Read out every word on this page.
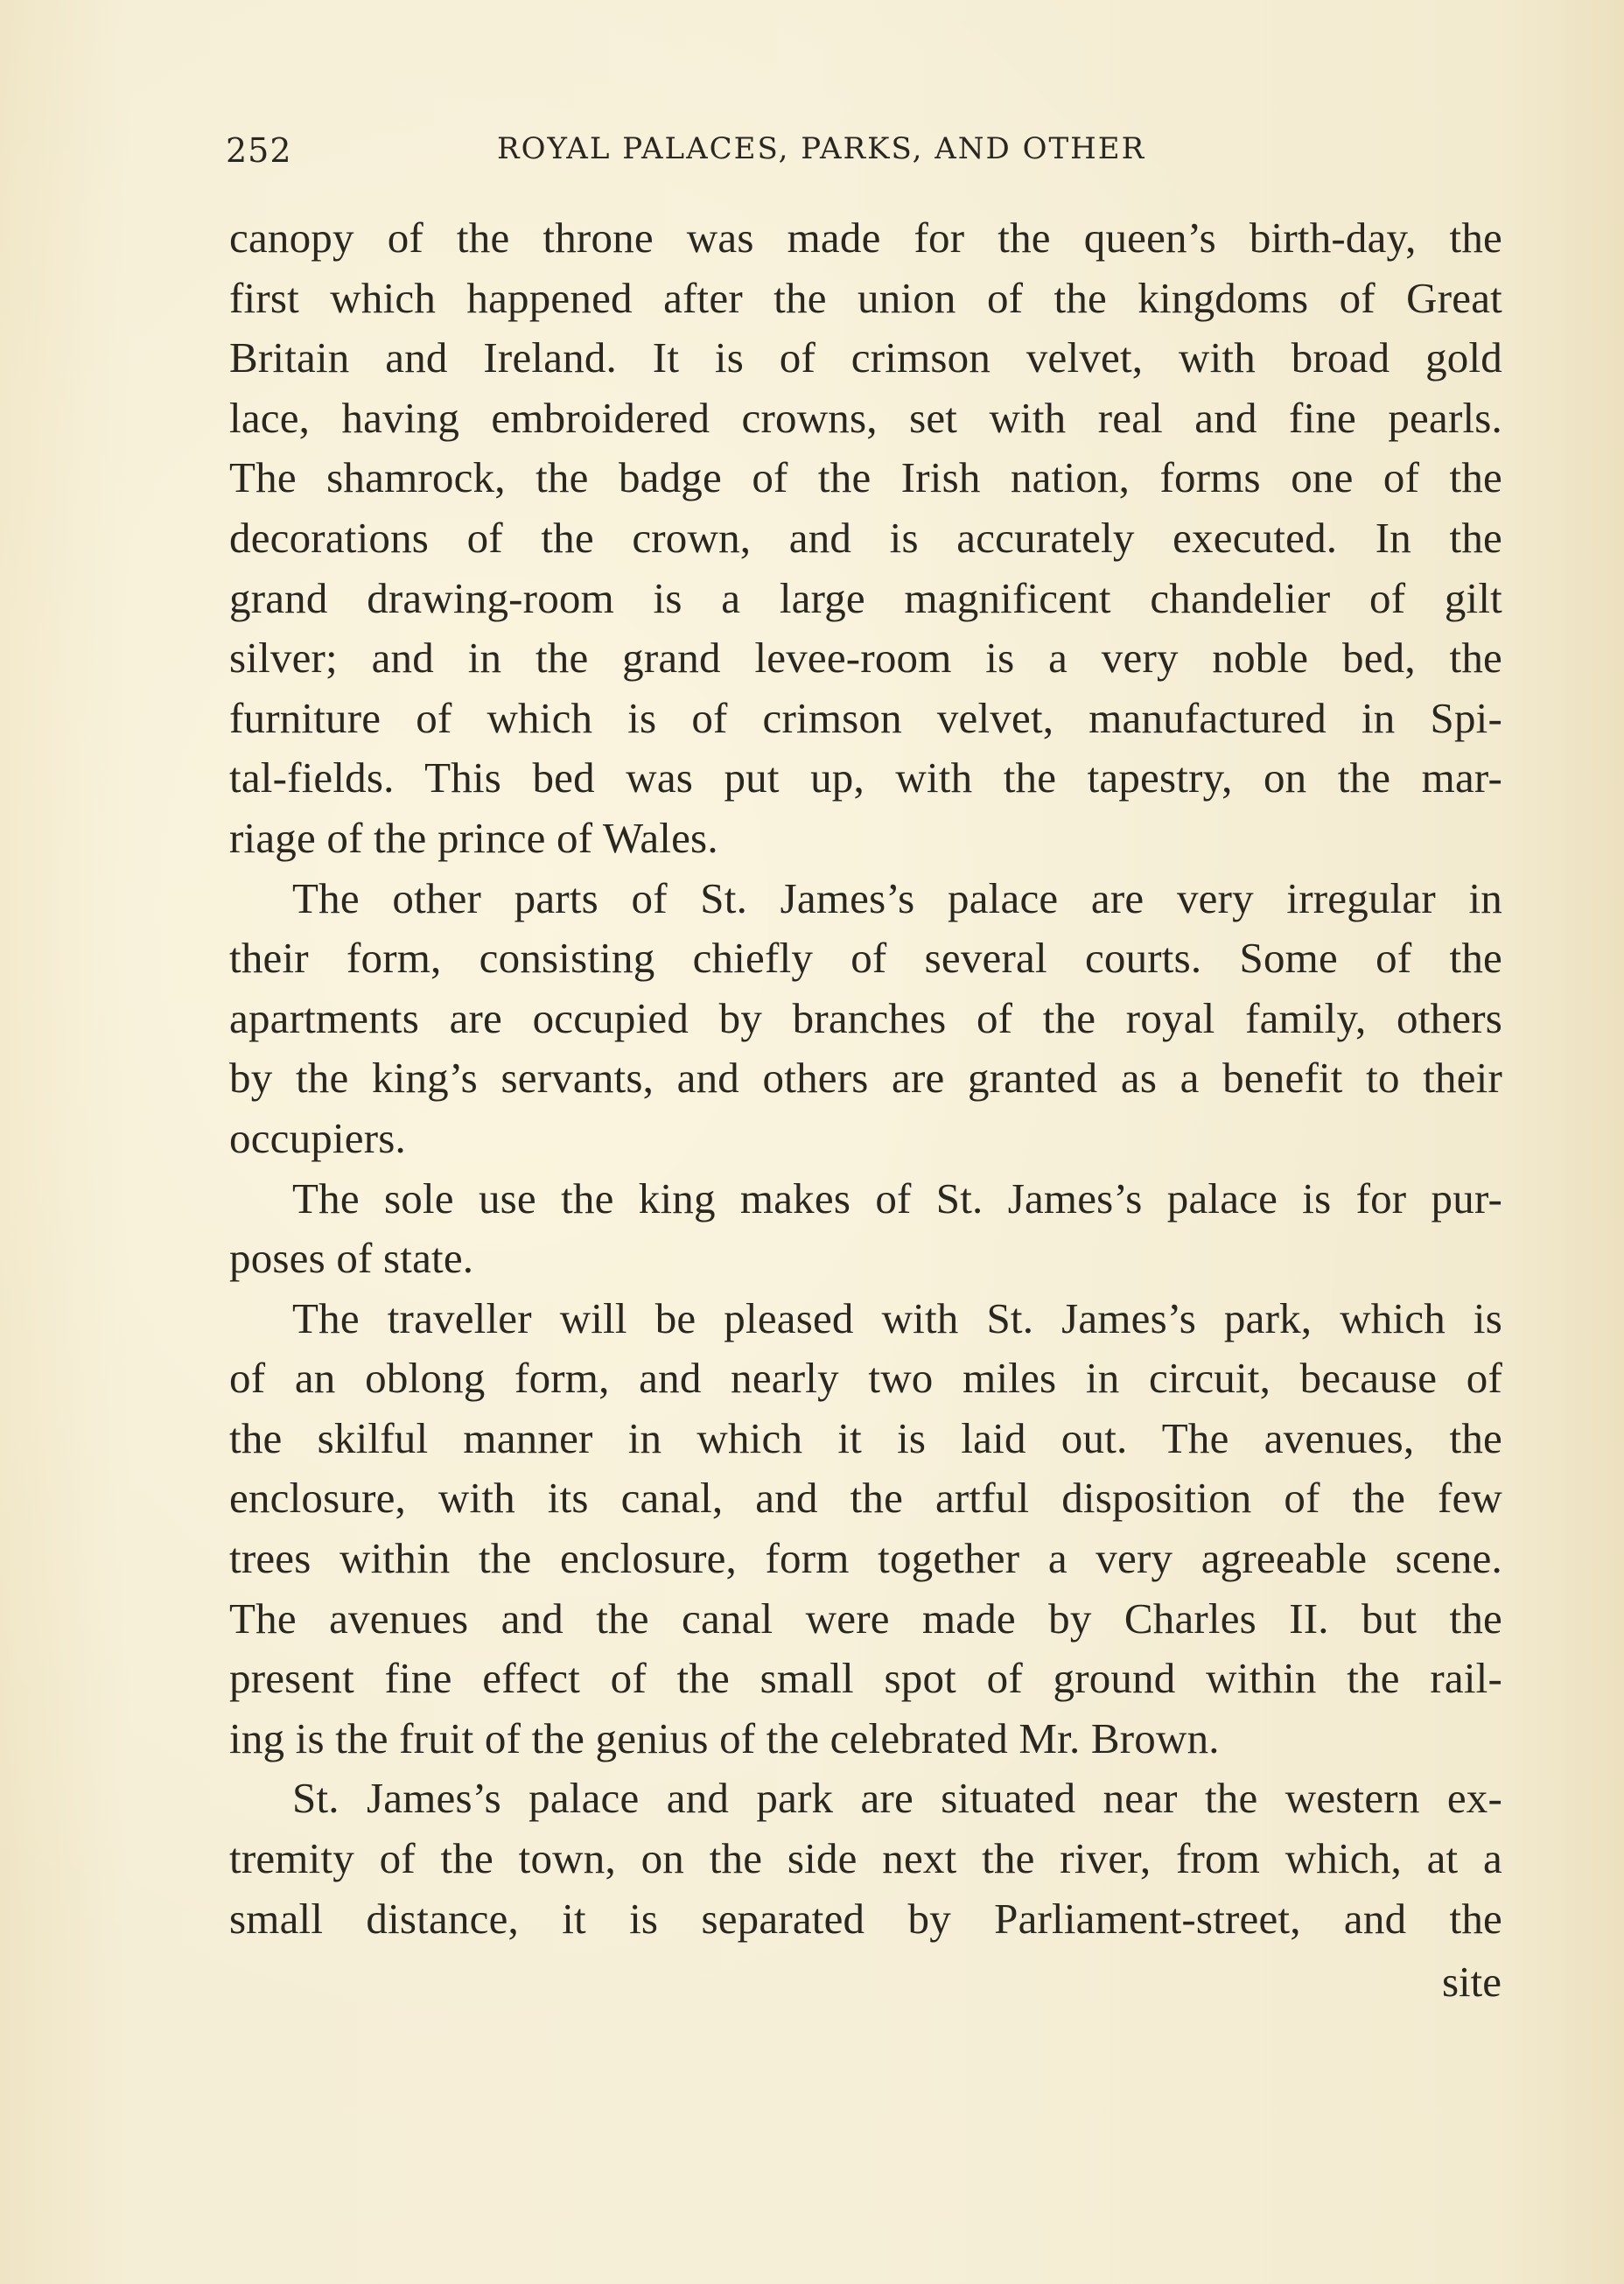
252	ROYAL PALACES, PARKS, AND OTHER
canopy of the throne was made for the queen’s birth-day, the
first which happened after the union of the kingdoms of Great
Britain and Ireland. It is of crimson velvet, with broad gold
lace, having embroidered crowns, set with real and fine pearls.
The shamrock, the badge of the Irish nation, forms one of the
decorations of the crown, and is accurately executed. In the
grand drawing-room is a large magnificent chandelier of gilt
silver; and in the grand levee-room is a very noble bed, the
furniture of which is of crimson velvet, manufactured in Spi-
tal-fields. This bed was put up, with the tapestry, on the mar-
riage of the prince of Wales.
The other parts of St. James’s palace are very irregular in
their form, consisting chiefly of several courts. Some of the
apartments are occupied by branches of the royal family, others
by the king’s servants, and others are granted as a benefit to their
occupiers.
The sole use the king makes of St. James’s palace is for pur-
poses of state.
The traveller will be pleased with St. James’s park, which is
of an oblong form, and nearly two miles in circuit, because of
the skilful manner in which it is laid out. The avenues, the
enclosure, with its canal, and the artful disposition of the few
trees within the enclosure, form together a very agreeable scene.
The avenues and the canal were made by Charles II. but the
present fine effect of the small spot of ground within the rail-
ing is the fruit of the genius of the celebrated Mr. Brown.
St. James’s palace and park are situated near the western ex-
tremity of the town, on the side next the river, from which, at a
small distance, it is separated by Parliament-street, and the
site
